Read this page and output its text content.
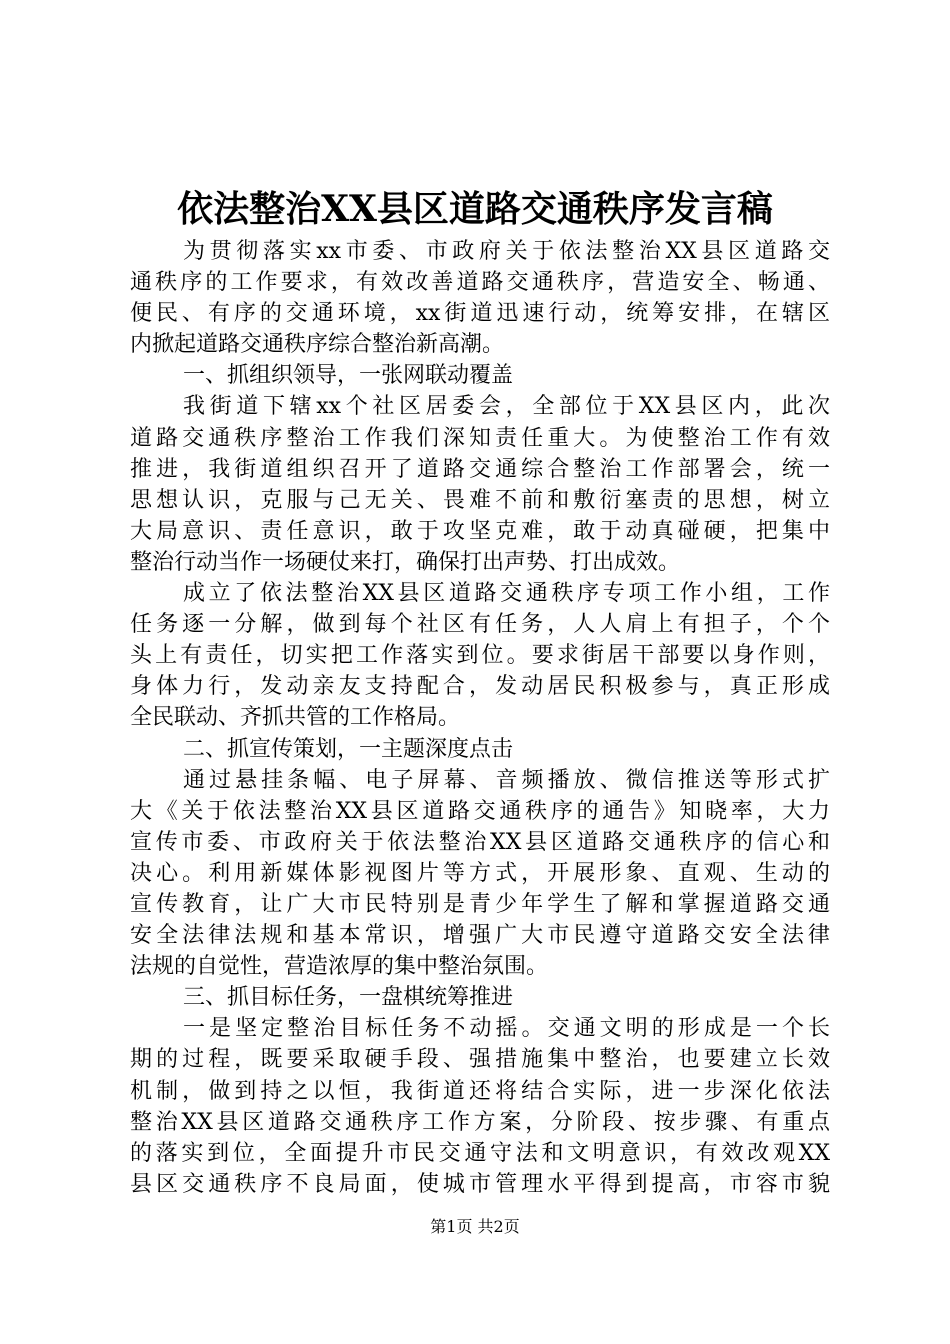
依法整治XX县区道路交通秩序发言稿
为贯彻落实xx市委、市政府关于依法整治XX县区道路交
通秩序的工作要求，有效改善道路交通秩序，营造安全、畅通、
便民、有序的交通环境，xx街道迅速行动，统筹安排，在辖区
内掀起道路交通秩序综合整治新高潮。
一、抓组织领导，一张网联动覆盖
我街道下辖xx个社区居委会，全部位于XX县区内，此次
道路交通秩序整治工作我们深知责任重大。为使整治工作有效
推进，我街道组织召开了道路交通综合整治工作部署会，统一
思想认识，克服与己无关、畏难不前和敷衍塞责的思想，树立
大局意识、责任意识，敢于攻坚克难，敢于动真碰硬，把集中
整治行动当作一场硬仗来打，确保打出声势、打出成效。
成立了依法整治XX县区道路交通秩序专项工作小组，工作
任务逐一分解，做到每个社区有任务，人人肩上有担子，个个
头上有责任，切实把工作落实到位。要求街居干部要以身作则，
身体力行，发动亲友支持配合，发动居民积极参与，真正形成
全民联动、齐抓共管的工作格局。
二、抓宣传策划，一主题深度点击
通过悬挂条幅、电子屏幕、音频播放、微信推送等形式扩
大《关于依法整治XX县区道路交通秩序的通告》知晓率，大力
宣传市委、市政府关于依法整治XX县区道路交通秩序的信心和
决心。利用新媒体影视图片等方式，开展形象、直观、生动的
宣传教育，让广大市民特别是青少年学生了解和掌握道路交通
安全法律法规和基本常识，增强广大市民遵守道路交安全法律
法规的自觉性，营造浓厚的集中整治氛围。
三、抓目标任务，一盘棋统筹推进
一是坚定整治目标任务不动摇。交通文明的形成是一个长
期的过程，既要采取硬手段、强措施集中整治，也要建立长效
机制，做到持之以恒，我街道还将结合实际，进一步深化依法
整治XX县区道路交通秩序工作方案，分阶段、按步骤、有重点
的落实到位，全面提升市民交通守法和文明意识，有效改观XX
县区交通秩序不良局面，使城市管理水平得到提高，市容市貌
第1页 共2页
